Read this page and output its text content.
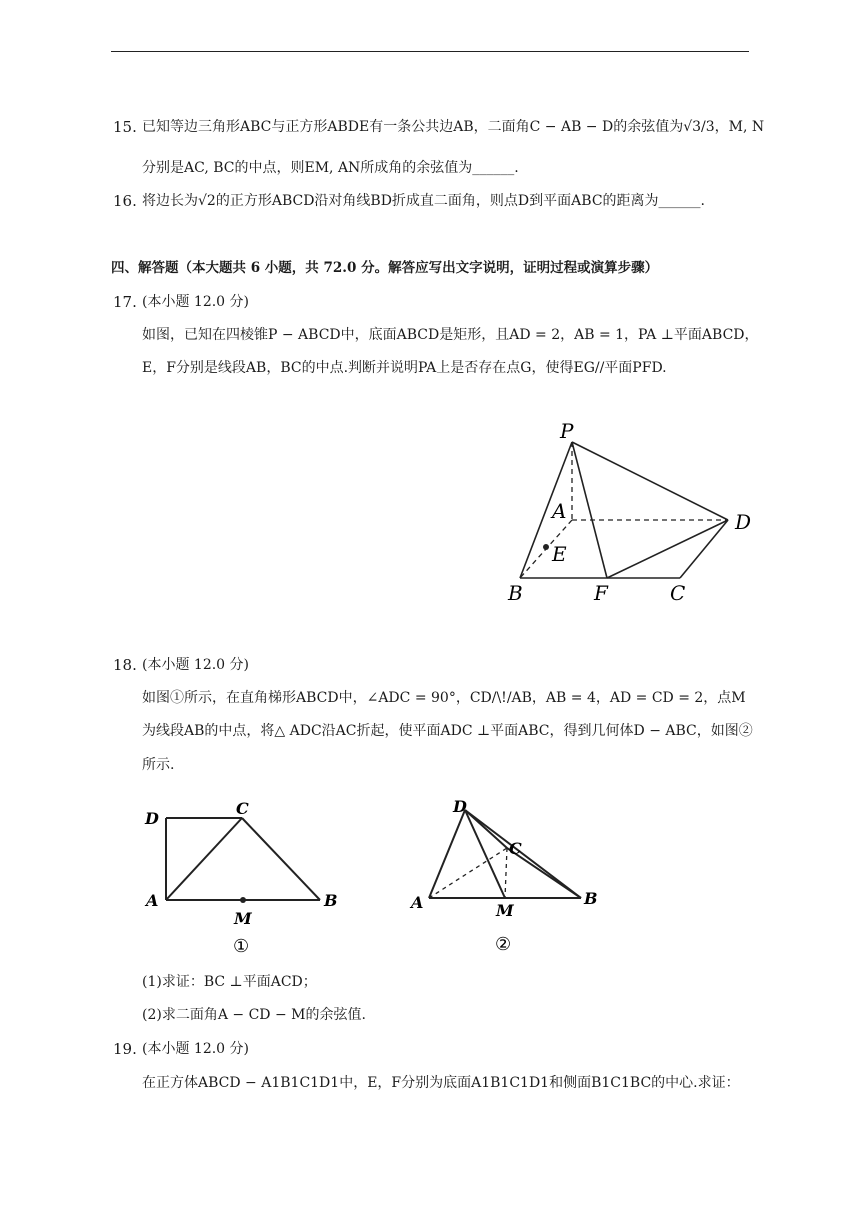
15. 已知等边三角形ABC与正方形ABDE有一条公共边AB，二面角C − AB − D的余弦值为√3/3，M, N
分别是AC, BC的中点，则EM, AN所成角的余弦值为______.
16. 将边长为√2的正方形ABCD沿对角线BD折成直二面角，则点D到平面ABC的距离为______.
四、解答题（本大题共 6 小题，共 72.0 分。解答应写出文字说明，证明过程或演算步骤）
17. (本小题 12.0 分)
如图，已知在四棱锥P − ABCD中，底面ABCD是矩形，且AD = 2，AB = 1，PA ⊥平面ABCD，
E，F分别是线段AB，BC的中点.判断并说明PA上是否存在点G，使得EG//平面PFD.
P
A	D
E
B	F	C
18. (本小题 12.0 分)
如图①所示，在直角梯形ABCD中，∠ADC = 90°，CD/\!/AB，AB = 4，AD = CD = 2，点M
为线段AB的中点，将△ ADC沿AC折起，使平面ADC ⊥平面ABC，得到几何体D − ABC，如图②
所示.
D
C
A
M
B
①
D
C
A	M
B
②
(1)求证：BC ⊥平面ACD；
(2)求二面角A − CD − M的余弦值.
19. (本小题 12.0 分)
在正方体ABCD − A1B1C1D1中，E，F分别为底面A1B1C1D1和侧面B1C1BC的中心.求证：
